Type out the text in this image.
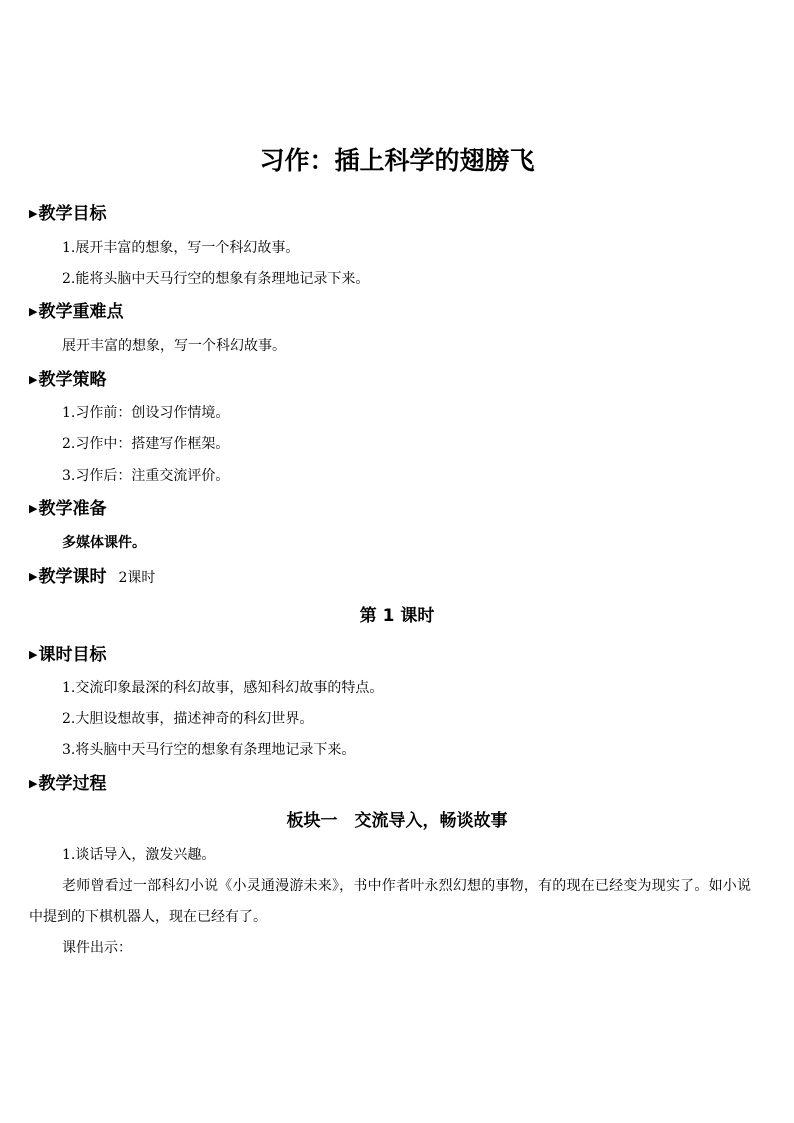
习作：插上科学的翅膀飞
▶教学目标

1.展开丰富的想象，写一个科幻故事。

2.能将头脑中天马行空的想象有条理地记录下来。

▶教学重难点

展开丰富的想象，写一个科幻故事。

▶教学策略

1.习作前：创设习作情境。

2.习作中：搭建写作框架。

3.习作后：注重交流评价。

▶教学准备

多媒体课件。

▶教学课时 2课时
第 1 课时
▶课时目标

1.交流印象最深的科幻故事，感知科幻故事的特点。

2.大胆设想故事，描述神奇的科幻世界。

3.将头脑中天马行空的想象有条理地记录下来。

▶教学过程
板块一　交流导入，畅谈故事

1.谈话导入，激发兴趣。

老师曾看过一部科幻小说《小灵通漫游未来》，书中作者叶永烈幻想的事物，有的现在已经变为现实了。如小说中提到的下棋机器人，现在已经有了。

课件出示：
